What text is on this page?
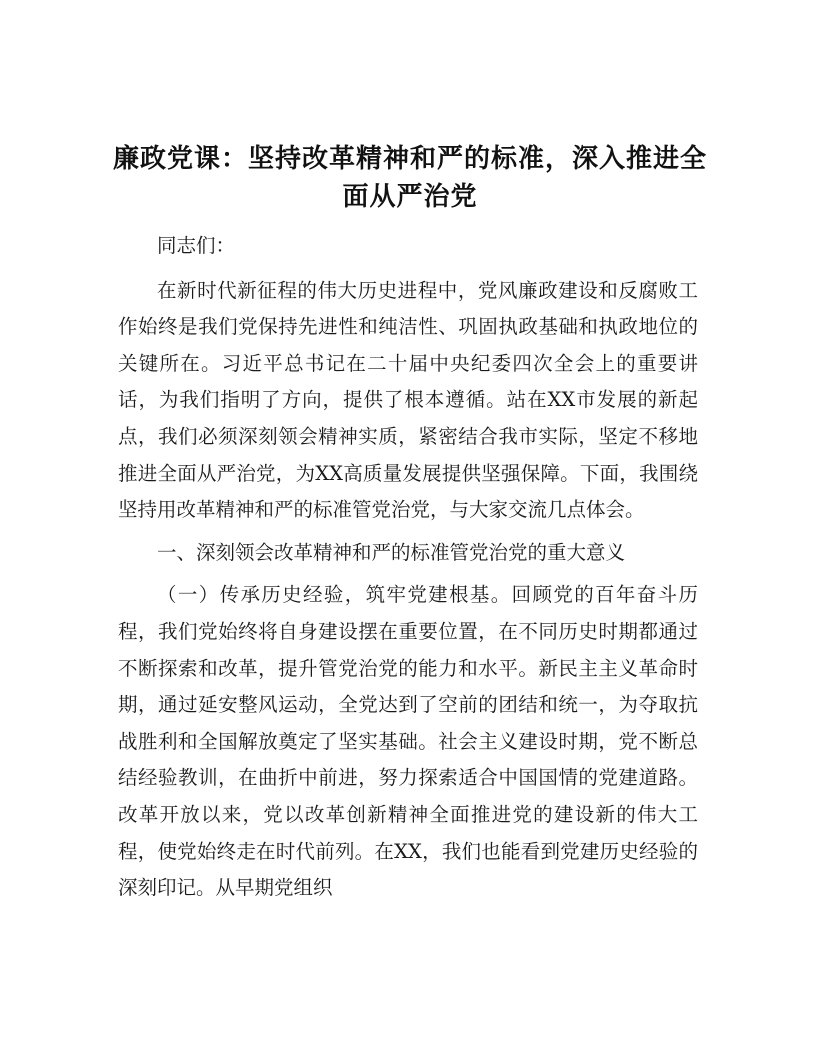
廉政党课：坚持改革精神和严的标准，深入推进全面从严治党

同志们：

在新时代新征程的伟大历史进程中，党风廉政建设和反腐败工作始终是我们党保持先进性和纯洁性、巩固执政基础和执政地位的关键所在。习近平总书记在二十届中央纪委四次全会上的重要讲话，为我们指明了方向，提供了根本遵循。站在XX市发展的新起点，我们必须深刻领会精神实质，紧密结合我市实际，坚定不移地推进全面从严治党，为XX高质量发展提供坚强保障。下面，我围绕坚持用改革精神和严的标准管党治党，与大家交流几点体会。

一、深刻领会改革精神和严的标准管党治党的重大意义

（一）传承历史经验，筑牢党建根基。回顾党的百年奋斗历程，我们党始终将自身建设摆在重要位置，在不同历史时期都通过不断探索和改革，提升管党治党的能力和水平。新民主主义革命时期，通过延安整风运动，全党达到了空前的团结和统一，为夺取抗战胜利和全国解放奠定了坚实基础。社会主义建设时期，党不断总结经验教训，在曲折中前进，努力探索适合中国国情的党建道路。改革开放以来，党以改革创新精神全面推进党的建设新的伟大工程，使党始终走在时代前列。在XX，我们也能看到党建历史经验的深刻印记。从早期党组织
